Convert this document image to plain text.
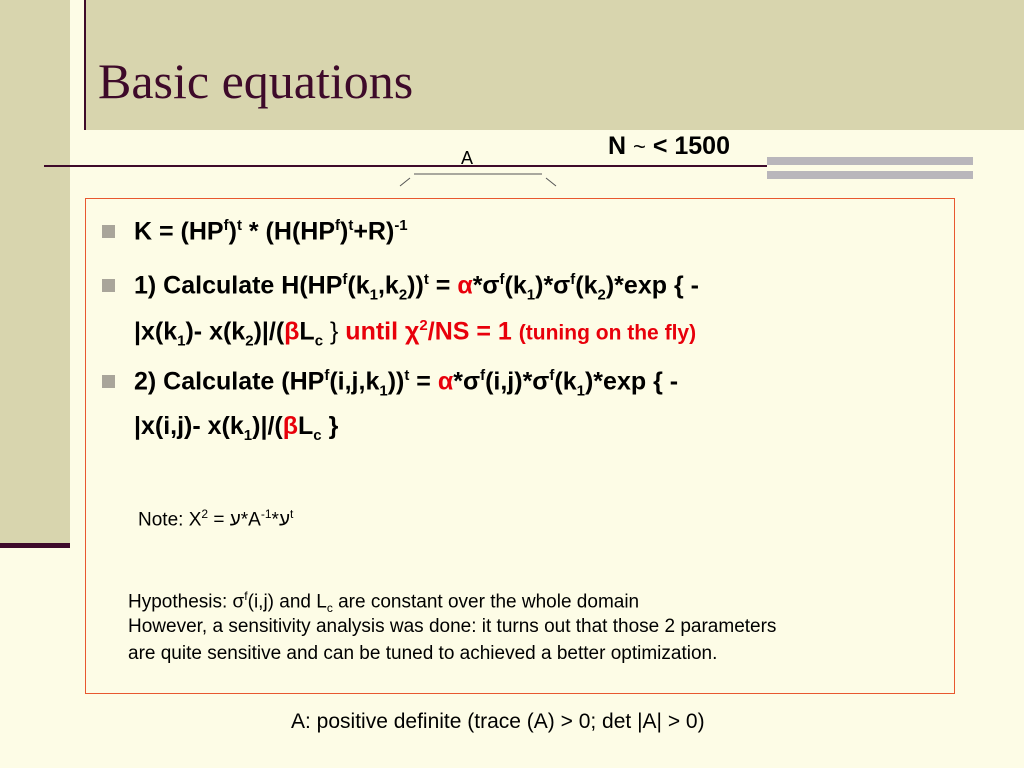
Basic equations
N ~ < 1500
A
$K = (HP^f)^t * (H(HP^f)^t+R)^{-1}$
1) Calculate $H(HP^f(k_1,k_2))^t = \alpha*\sigma^f(k_1)*\sigma^f(k_2)*\exp$ { -
$|x(k_1)-$ $x(k_2)|/(\beta L_c$ } until $\chi^2/NS = 1$ (tuning on the fly)
2) Calculate $(HP^f(i,j,k_1))^t = \alpha*\sigma^f(i,j)*\sigma^f(k_1)*\exp$ { -
|x(i,j)- $x(k_1)|/(\beta L_c$ }
Note: $X^2$ = $ע*A^{-1}*ע^t$
Hypothesis: $\sigma^f(i,j)$ and $L_c$ are constant over the whole domain
However, a sensitivity analysis was done: it turns out that those 2 parameters
are quite sensitive and can be tuned to achieved a better optimization.
A: positive definite (trace (A) > 0; det |A| > 0)
